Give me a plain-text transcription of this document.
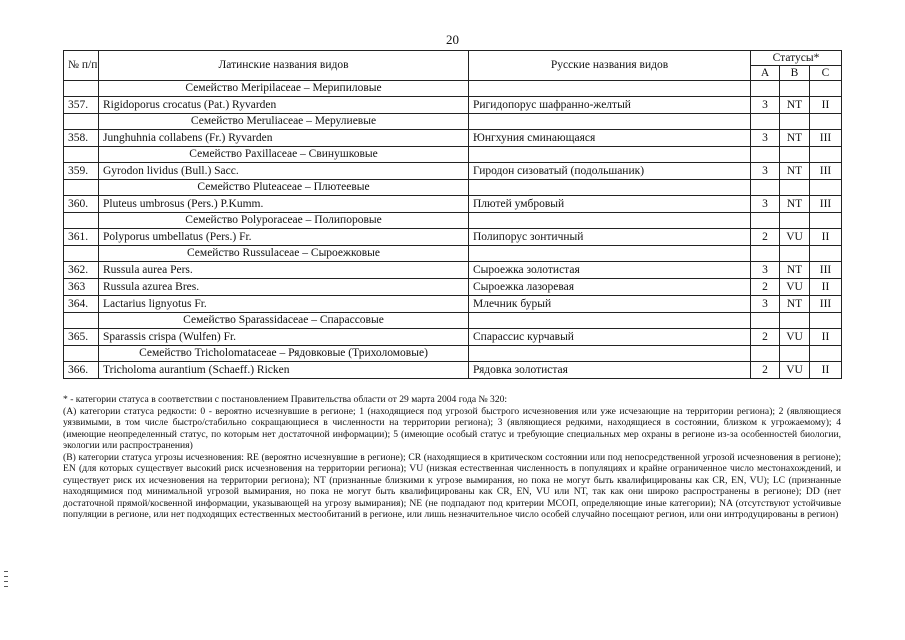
20
№ п/п	Латинские названия видов	Русские названия видов	Статусы*		
			А	В	С
	Семейство Meripilaceae – Мерипиловые				
357.	Rigidoporus crocatus (Pat.) Ryvarden	Ригидопорус шафранно-желтый	3	NT	II
	Семейство Meruliaceae – Мерулиевые				
358.	Junghuhnia collabens (Fr.) Ryvarden	Юнгхуния сминающаяся	3	NT	III
	Семейство Paxillaceae – Свинушковые				
359.	Gyrodon lividus (Bull.) Sacc.	Гиродон сизоватый (подольшаник)	3	NT	III
	Семейство Pluteaceae – Плютеевые				
360.	Pluteus umbrosus (Pers.) P.Kumm.	Плютей умбровый	3	NT	III
	Семейство Polyporaceae – Полипоровые				
361.	Polyporus umbellatus (Pers.) Fr.	Полипорус зонтичный	2	VU	II
	Семейство Russulaceae – Сыроежковые				
362.	Russula aurea Pers.	Сыроежка золотистая	3	NT	III
363	Russula azurea Bres.	Сыроежка лазоревая	2	VU	II
364.	Lactarius lignyotus Fr.	Млечник бурый	3	NT	III
	Семейство Sparassidaceae – Спарассовые				
365.	Sparassis crispa (Wulfen) Fr.	Спарассис курчавый	2	VU	II
	Семейство Tricholomataceae – Рядовковые (Трихоломовые)				
366.	Tricholoma aurantium (Schaeff.) Ricken	Рядовка золотистая	2	VU	II

* - категории статуса в соответствии с постановлением Правительства области от 29 марта 2004 года № 320:

(А) категории статуса редкости: 0 - вероятно исчезнувшие в регионе; 1 (находящиеся под угрозой быстрого исчезновения или уже исчезающие на территории региона); 2 (являющиеся уязвимыми, в том числе быстро/стабильно сокращающиеся в численности на территории региона); 3 (являющиеся редкими, находящиеся в состоянии, близком к угрожаемому); 4 (имеющие неопределенный статус, по которым нет достаточной информации); 5 (имеющие особый статус и требующие специальных мер охраны в регионе из-за особенностей биологии, экологии или распространения)

(В) категории статуса угрозы исчезновения: RE (вероятно исчезнувшие в регионе); CR (находящиеся в критическом состоянии или под непосредственной угрозой исчезновения в регионе); EN (для которых существует высокий риск исчезновения на территории региона); VU (низкая естественная численность в популяциях и крайне ограниченное число местонахождений, и существует риск их исчезновения на территории региона); NT (признанные близкими к угрозе вымирания, но пока не могут быть квалифицированы как CR, EN, VU); LC (признанные находящимися под минимальной угрозой вымирания, но пока не могут быть квалифицированы как CR, EN, VU или NT, так как они широко распространены в регионе); DD (нет достаточной прямой/косвенной информации, указывающей на угрозу вымирания); NE (не подпадают под критерии МСОП, определяющие иные категории); NA (отсутствуют устойчивые популяции в регионе, или нет подходящих естественных местообитаний в регионе, или лишь незначительное число особей случайно посещают регион, или они интродуцированы в регион)
